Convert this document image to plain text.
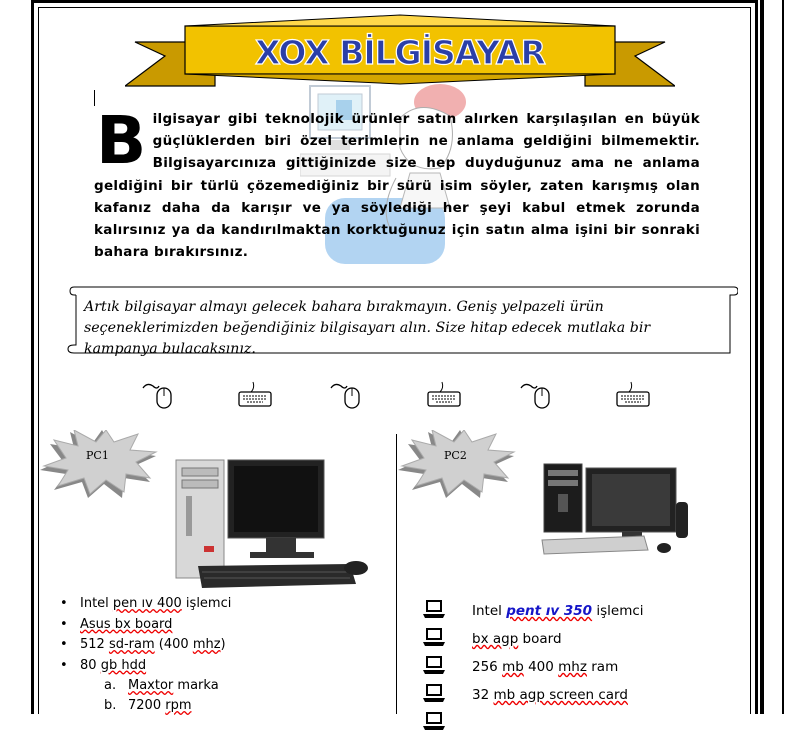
XOX BİLGİSAYAR
Bilgisayar gibi teknolojik ürünler satın alırken karşılaşılan en büyük güçlüklerden biri özel terimlerin ne anlama geldiğini bilmemektir. Bilgisayarcınıza gittiğinizde size hep duyduğunuz ama ne anlama geldiğini bir türlü çözemediğiniz bir sürü isim söyler, zaten karışmış olan kafanız daha da karışır ve ya söylediği her şeyi kabul etmek zorunda kalırsınız ya da kandırılmaktan korktuğunuz için satın alma işini bir sonraki bahara bırakırsınız.
Artık bilgisayar almayı gelecek bahara bırakmayın. Geniş yelpazeli ürün seçeneklerimizden beğendiğiniz bilgisayarı alın. Size hitap edecek mutlaka bir kampanya bulacaksınız.
PC1	PC2
• Intel pen ıv 400 işlemci
• Asus bx board
• 512 sd-ram (400 mhz)
• 80 gb hdd
a. Maxtor marka
b. 7200 rpm
Intel pent ıv 350 işlemci
bx agp board
256 mb 400 mhz ram
32 mb agp screen card
